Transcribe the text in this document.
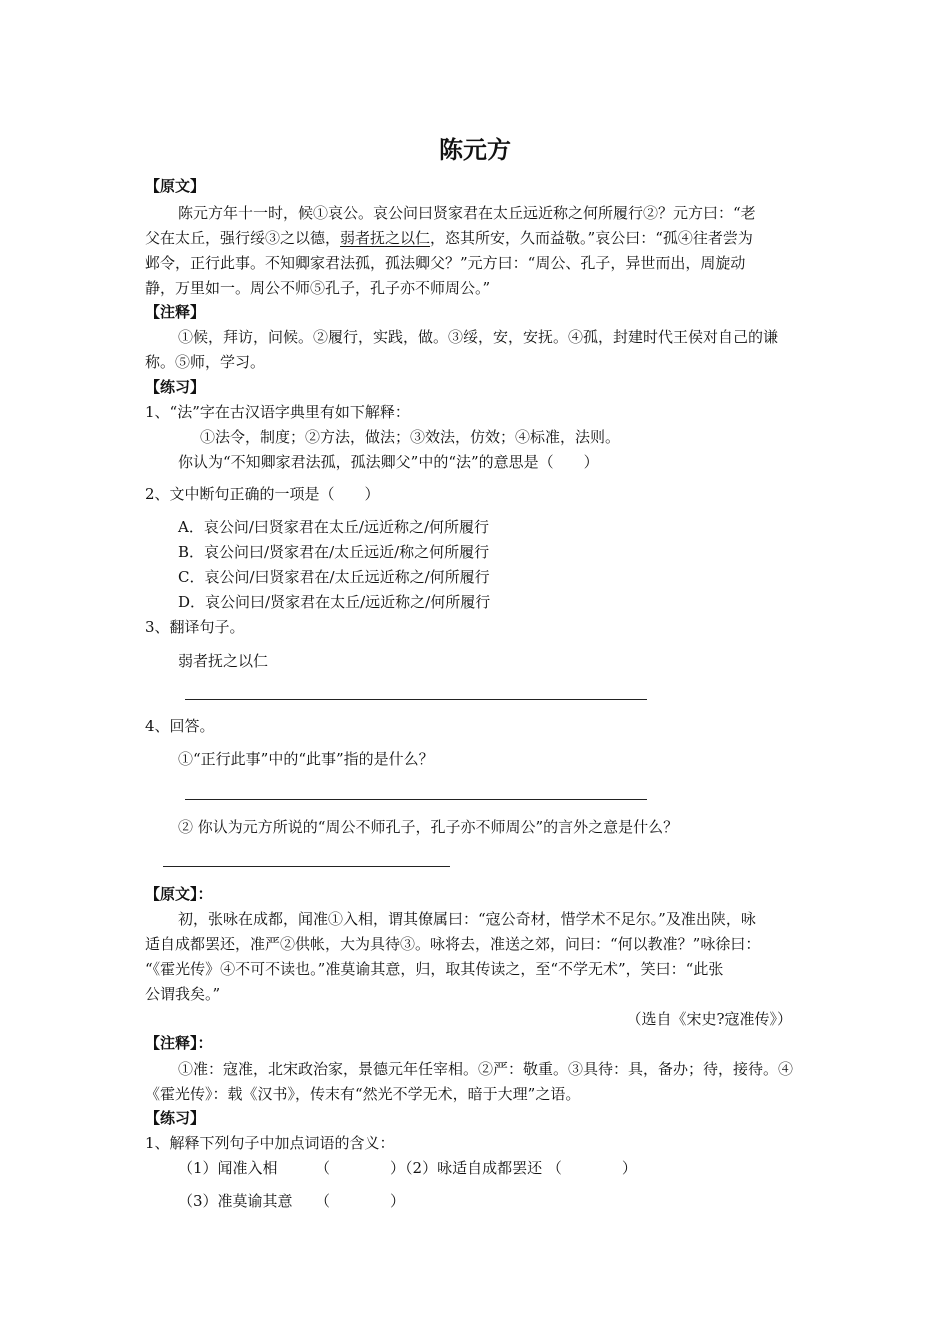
陈元方
【原文】
陈元方年十一时，候①哀公。哀公问曰贤家君在太丘远近称之何所履行②？元方曰：“老
父在太丘，强行绥③之以德，弱者抚之以仁，恣其所安，久而益敬。”哀公曰：“孤④往者尝为
邺令，正行此事。不知卿家君法孤，孤法卿父？”元方曰：“周公、孔子，异世而出，周旋动
静，万里如一。周公不师⑤孔子，孔子亦不师周公。”
【注释】
①候，拜访，问候。②履行，实践，做。③绥，安，安抚。④孤，封建时代王侯对自己的谦
称。⑤师，学习。
【练习】
1、“法”字在古汉语字典里有如下解释：
①法令，制度；②方法，做法；③效法，仿效；④标准，法则。
你认为“不知卿家君法孤，孤法卿父”中的“法”的意思是（　　）
2、文中断句正确的一项是（　　）
A．哀公问/曰贤家君在太丘/远近称之/何所履行
B．哀公问曰/贤家君在/太丘远近/称之何所履行
C．哀公问/曰贤家君在/太丘远近称之/何所履行
D．哀公问曰/贤家君在太丘/远近称之/何所履行
3、翻译句子。
弱者抚之以仁
4、回答。
①“正行此事”中的“此事”指的是什么？
② 你认为元方所说的“周公不师孔子，孔子亦不师周公”的言外之意是什么？
【原文】：
初，张咏在成都，闻准①入相，谓其僚属曰：“寇公奇材，惜学术不足尔。”及准出陕，咏
适自成都罢还，准严②供帐，大为具待③。咏将去，准送之郊，问曰：“何以教准？”咏徐曰：
“《霍光传》④不可不读也。”准莫谕其意，归，取其传读之，至“不学无术”，笑曰：“此张
公谓我矣。”
（选自《宋史?寇准传》）
【注释】：
①准：寇准，北宋政治家，景德元年任宰相。②严：敬重。③具待：具，备办；待，接待。④
《霍光传》：载《汉书》，传末有“然光不学无术，暗于大理”之语。
【练习】
1、解释下列句子中加点词语的含义：
（1）闻准入相　　　（　　　　）（2）咏适自成都罢还 （　　　　）
（3）准莫谕其意　　（　　　　）
